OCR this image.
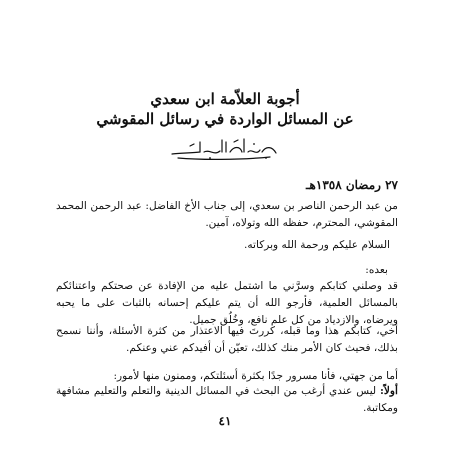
أجوبة العلاّمة ابن سعدي
عن المسائل الواردة في رسائل المقوشي
٢٧ رمضان ١٣٥٨هـ
من عبد الرحمن الناصر بن سعدي، إلى جناب الأخ الفاضل: عبد الرحمن المحمد المقوشي، المحترم، حفظه الله وتولاه، آمين.
السلام عليكم ورحمة الله وبركاته.
بعده:
قد وصلني كتابكم وسرَّني ما اشتمل عليه من الإفادة عن صحتكم واعتنائكم بالمسائل العلمية، فأرجو الله أن يتم عليكم إحسانه بالثبات على ما يحبه ويرضاه، والازدياد من كل علم نافع، وخُلُق جميل.
أخي، كتابكم هذا وما قبله، كررتَ فيها الاعتذار من كثرة الأسئلة، وأننا نسمح بذلك، فحيث كان الأمر منك كذلك، تعيّن أن أفيدكم عني وعنكم.
أما من جهتي، فأنا مسرور جدًا بكثرة أسئلتكم، وممنون منها لأمور:
أولاً: ليس عندي أرغب من البحث في المسائل الدينية والتعلم والتعليم مشافهة ومكاتبة.
٤١
